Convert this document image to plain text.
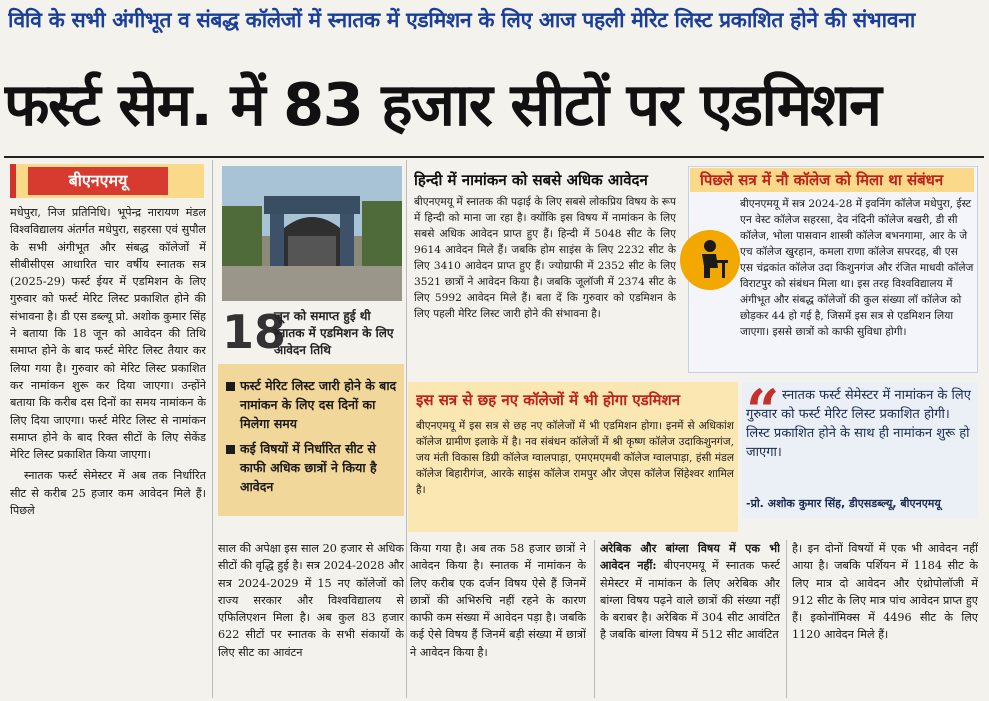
विवि के सभी अंगीभूत व संबद्ध कॉलेजों में स्नातक में एडमिशन के लिए आज पहली मेरिट लिस्ट प्रकाशित होने की संभावना
फर्स्ट सेम. में 83 हजार सीटों पर एडमिशन
बीएनएमयू

मधेपुरा, निज प्रतिनिधि। भूपेन्द्र नारायण मंडल विश्वविद्यालय अंतर्गत मधेपुरा, सहरसा एवं सुपौल के सभी अंगीभूत और संबद्ध कॉलेजों में सीबीसीएस आधारित चार वर्षीय स्नातक सत्र (2025-29) फर्स्ट ईयर में एडमिशन के लिए गुरुवार को फर्स्ट मेरिट लिस्ट प्रकाशित होने की संभावना है। डी एस डब्ल्यू प्रो. अशोक कुमार सिंह ने बताया कि 18 जून को आवेदन की तिथि समाप्त होने के बाद फर्स्ट मेरिट लिस्ट तैयार कर लिया गया है। गुरुवार को मेरिट लिस्ट प्रकाशित कर नामांकन शुरू कर दिया जाएगा। उन्होंने बताया कि करीब दस दिनों का समय नामांकन के लिए दिया जाएगा। फर्स्ट मेरिट लिस्ट से नामांकन समाप्त होने के बाद रिक्त सीटों के लिए सेकेंड मेरिट लिस्ट प्रकाशित किया जाएगा।

स्नातक फर्स्ट सेमेस्टर में अब तक निर्धारित सीट से करीब 25 हजार कम आवेदन मिले हैं। पिछले

18
जून को समाप्त हुई थी स्नातक में एडमिशन के लिए आवेदन तिथि
फर्स्ट मेरिट लिस्ट जारी होने के बाद नामांकन के लिए दस दिनों का मिलेगा समय
कई विषयों में निर्धारित सीट से काफी अधिक छात्रों ने किया है आवेदन
साल की अपेक्षा इस साल 20 हजार से अधिक सीटों की वृद्धि हुई है। सत्र 2024-2028 और सत्र 2024-2029 में 15 नए कॉलेजों को राज्य सरकार और विश्वविद्यालय से एफिलिएशन मिला है। अब कुल 83 हजार 622 सीटों पर स्नातक के सभी संकायों के लिए सीट का आवंटन
हिन्दी में नामांकन को सबसे अधिक आवेदन
बीएनएमयू में स्नातक की पढ़ाई के लिए सबसे लोकप्रिय विषय के रूप में हिन्दी को माना जा रहा है। क्योंकि इस विषय में नामांकन के लिए सबसे अधिक आवेदन प्राप्त हुए हैं। हिन्दी में 5048 सीट के लिए 9614 आवेदन मिले हैं। जबकि होम साइंस के लिए 2232 सीट के लिए 3410 आवेदन प्राप्त हुए हैं। ज्योग्राफी में 2352 सीट के लिए 3521 छात्रों ने आवेदन किया है। जबकि जूलॉजी में 2374 सीट के लिए 5992 आवेदन मिले हैं। बता दें कि गुरुवार को एडमिशन के लिए पहली मेरिट लिस्ट जारी होने की संभावना है।
पिछले सत्र में नौ कॉलेज को मिला था संबंधन
बीएनएमयू में सत्र 2024-28 में इवनिंग कॉलेज मधेपुरा, ईस्ट एन वेस्ट कॉलेज सहरसा, देव नंदिनी कॉलेज बखरी, डी सी कॉलेज, भोला पासवान शास्त्री कॉलेज बभनगामा, आर के जे एच कॉलेज खुरहान, कमला राणा कॉलेज सपरदह, बी एस एस चंद्रकांत कॉलेज उदा किशुनगंज और रंजित माधवी कॉलेज विराटपुर को संबंधन मिला था। इस तरह विश्वविद्यालय में अंगीभूत और संबद्ध कॉलेजों की कुल संख्या लॉ कॉलेज को छोड़कर 44 हो गई है, जिसमें इस सत्र से एडमिशन लिया जाएगा। इससे छात्रों को काफी सुविधा होगी।
इस सत्र से छह नए कॉलेजों में भी होगा एडमिशन
बीएनएमयू में इस सत्र से छह नए कॉलेजों में भी एडमिशन होगा। इनमें से अधिकांश कॉलेज ग्रामीण इलाके में है। नव संबंधन कॉलेजों में श्री कृष्ण कॉलेज उदाकिशुनगंज, जय मंती विकास डिग्री कॉलेज ग्वालपाड़ा, एमएमएमबी कॉलेज ग्वालपाड़ा, हंसी मंडल कॉलेज बिहारीगंज, आरके साइंस कॉलेज रामपुर और जेएस कॉलेज सिंहेश्वर शामिल है।
“ स्नातक फर्स्ट सेमेस्टर में नामांकन के लिए गुरुवार को फर्स्ट मेरिट लिस्ट प्रकाशित होगी। लिस्ट प्रकाशित होने के साथ ही नामांकन शुरू हो जाएगा।
-प्रो. अशोक कुमार सिंह, डीएसडब्ल्यू, बीएनएमयू
किया गया है। अब तक 58 हजार छात्रों ने आवेदन किया है। स्नातक में नामांकन के लिए करीब एक दर्जन विषय ऐसे हैं जिनमें छात्रों की अभिरुचि नहीं रहने के कारण काफी कम संख्या में आवेदन पड़ा है। जबकि कई ऐसे विषय हैं जिनमें बड़ी संख्या में छात्रों ने आवेदन किया है।
अरेबिक और बांग्ला विषय में एक भी आवेदन नहीं: बीएनएमयू में स्नातक फर्स्ट सेमेस्टर में नामांकन के लिए अरेबिक और बांग्ला विषय पढ़ने वाले छात्रों की संख्या नहीं के बराबर है। अरेबिक में 304 सीट आवंटित है जबकि बांग्ला विषय में 512 सीट आवंटित
है। इन दोनों विषयों में एक भी आवेदन नहीं आया है। जबकि पर्शियन में 1184 सीट के लिए मात्र दो आवेदन और एंथ्रोपोलॉजी में 912 सीट के लिए मात्र पांच आवेदन प्राप्त हुए हैं। इकोनॉमिक्स में 4496 सीट के लिए 1120 आवेदन मिले हैं।
